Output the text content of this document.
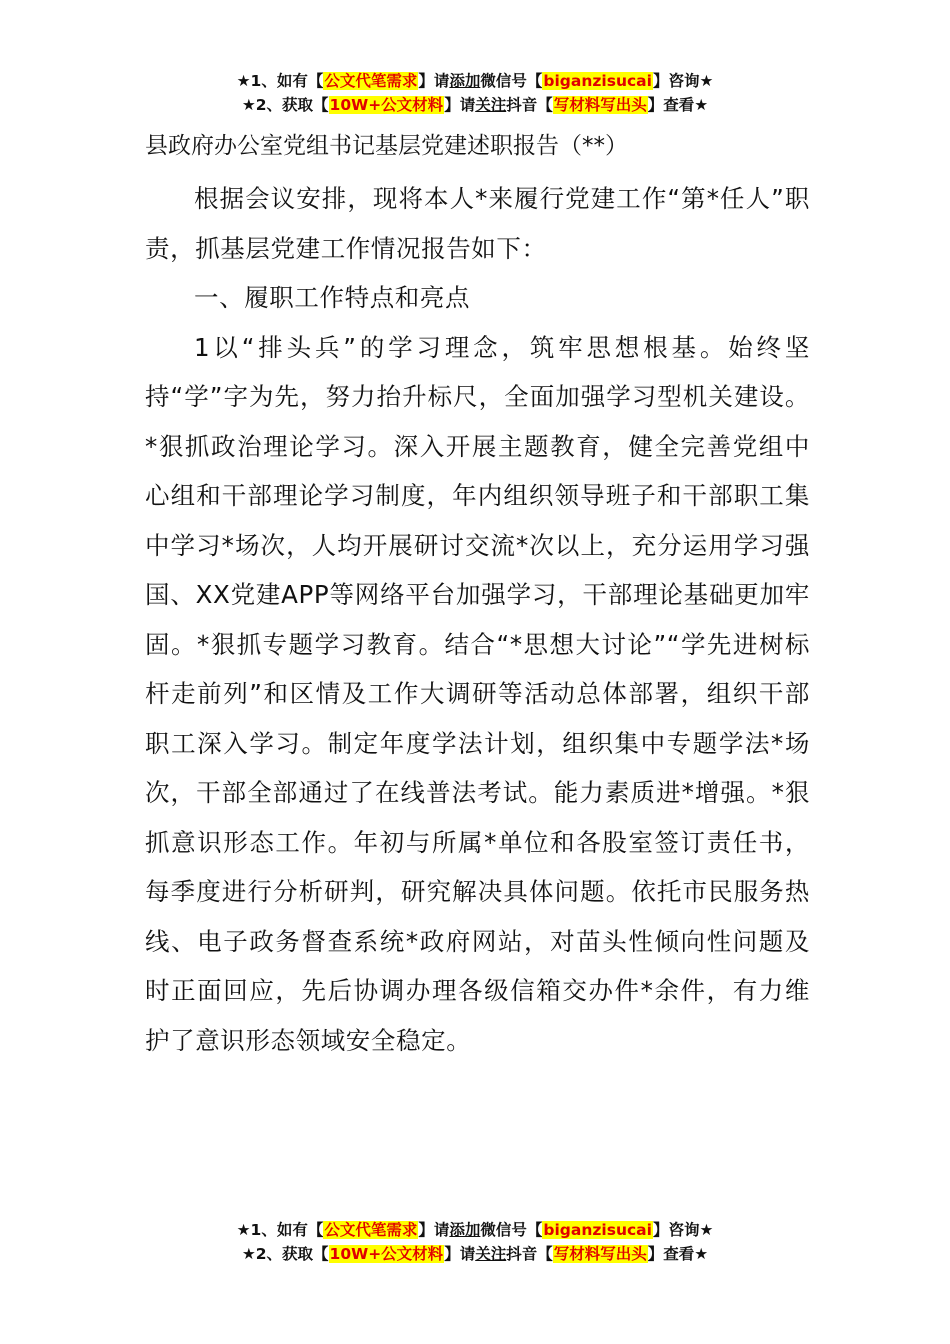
★1、如有【公文代笔需求】请添加微信号【biganzisucai】咨询★
★2、获取【10W+公文材料】请关注抖音【写材料写出头】查看★
县政府办公室党组书记基层党建述职报告（**）

根据会议安排，现将本人*来履行党建工作“第*任人”职责，抓基层党建工作情况报告如下：

一、履职工作特点和亮点

1以“排头兵”的学习理念，筑牢思想根基。始终坚持“学”字为先，努力抬升标尺，全面加强学习型机关建设。*狠抓政治理论学习。深入开展主题教育，健全完善党组中心组和干部理论学习制度，年内组织领导班子和干部职工集中学习*场次，人均开展研讨交流*次以上，充分运用学习强国、XX党建APP等网络平台加强学习，干部理论基础更加牢固。*狠抓专题学习教育。结合“*思想大讨论”“学先进树标杆走前列”和区情及工作大调研等活动总体部署，组织干部职工深入学习。制定年度学法计划，组织集中专题学法*场次，干部全部通过了在线普法考试。能力素质进*增强。*狠抓意识形态工作。年初与所属*单位和各股室签订责任书，每季度进行分析研判，研究解决具体问题。依托市民服务热线、电子政务督查系统*政府网站，对苗头性倾向性问题及时正面回应，先后协调办理各级信箱交办件*余件，有力维护了意识形态领域安全稳定。

★1、如有【公文代笔需求】请添加微信号【biganzisucai】咨询★
★2、获取【10W+公文材料】请关注抖音【写材料写出头】查看★
